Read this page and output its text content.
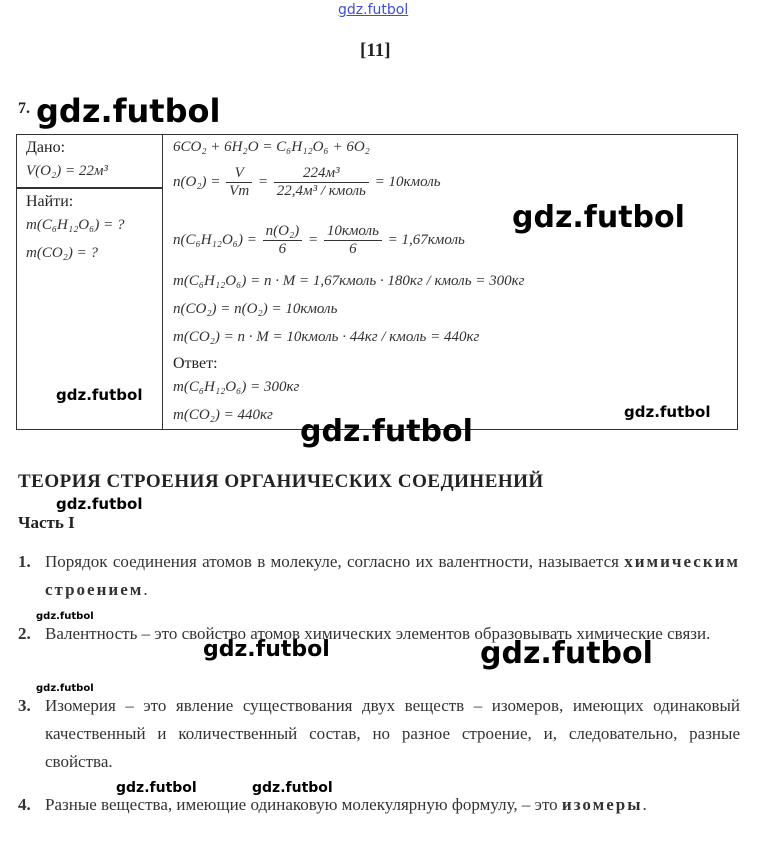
gdz.futbol
[11]
7. gdz.futbol
Дано:
V(O₂) = 22м³
Найти:
m(C₆H₁₂O₆) = ?
m(CO₂) = ?
6CO₂ + 6H₂O = C₆H₁₂O₆ + 6O₂
$n(O_2) = \frac{V}{Vm} = \frac{\text{224м³}}{\text{22,4м³ / кмоль}}$ = 10кмоль
$n(C_6H_{12}O_6) = \frac{\text{n(O₂)}}{6} = \frac{\text{10кмоль}}{6}$ = 1,67кмоль
m(C₆H₁₂O₆) = n · M = 1,67кмоль · 180кг / кмоль = 300кг
n(CO₂) = n(O₂) = 10кмоль
m(CO₂) = n · M = 10кмоль · 44кг / кмоль = 440кг
Ответ:
m(C₆H₁₂O₆) = 300кг
m(CO₂) = 440кг
gdz.futbol
gdz.futbol
gdz.futbol
gdz.futbol
ТЕОРИЯ СТРОЕНИЯ ОРГАНИЧЕСКИХ СОЕДИНЕНИЙ
gdz.futbol
Часть I
1. Порядок соединения атомов в молекуле, согласно их валентности, называется химическим строением.
gdz.futbol
2. Валентность – это свойство атомов химических элементов образовывать химические связи.
gdz.futbol	gdz.futbol
gdz.futbol
3. Изомерия – это явление существования двух веществ – изомеров, имеющих одинаковый качественный и количественный состав, но разное строение, и, следовательно, разные свойства.
gdz.futbol	gdz.futbol
4. Разные вещества, имеющие одинаковую молекулярную формулу, – это изомеры.
